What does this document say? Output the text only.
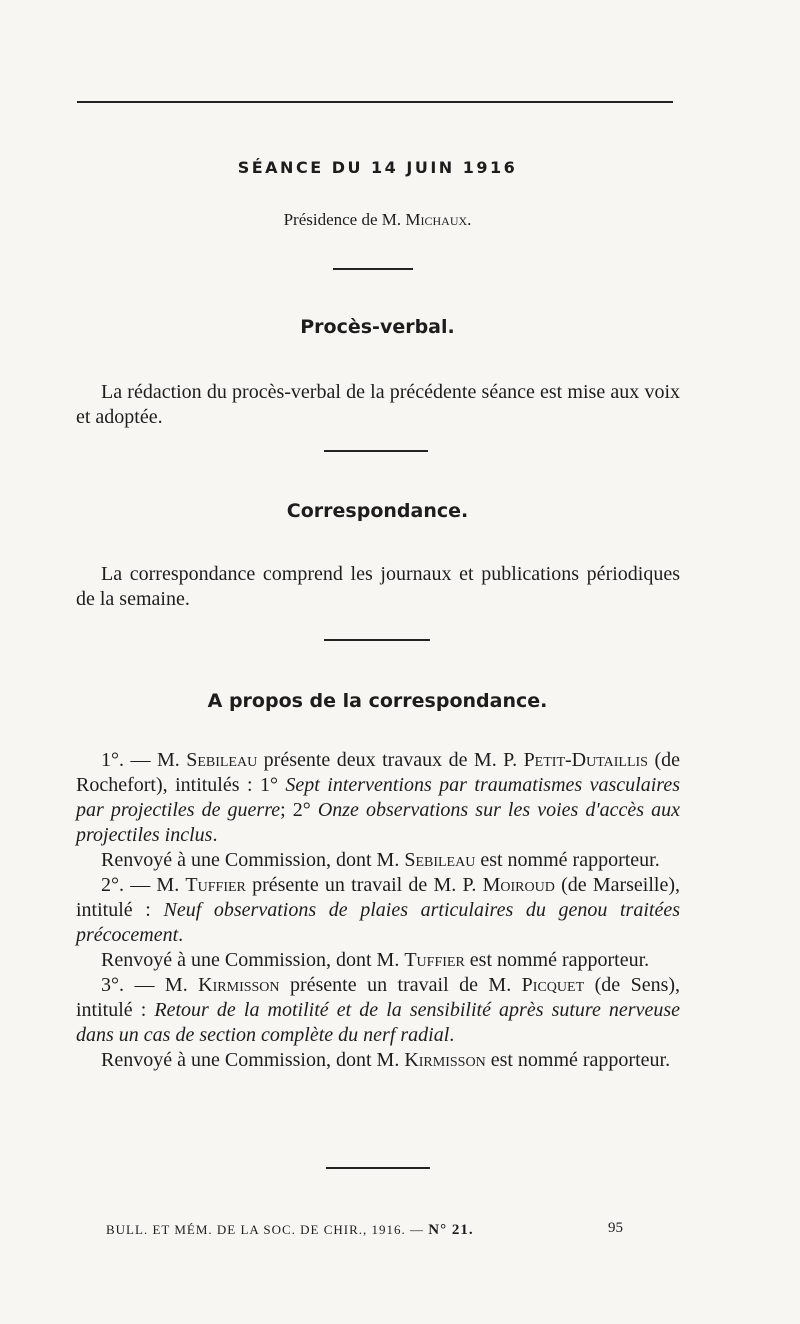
SÉANCE DU 14 JUIN 1916
Présidence de M. Michaux.
Procès-verbal.

La rédaction du procès-verbal de la précédente séance est mise aux voix et adoptée.

Correspondance.

La correspondance comprend les journaux et publications périodiques de la semaine.

A propos de la correspondance.

1°. — M. Sebileau présente deux travaux de M. P. Petit-Dutaillis (de Rochefort), intitulés : 1° Sept interventions par traumatismes vasculaires par projectiles de guerre; 2° Onze observations sur les voies d'accès aux projectiles inclus.

Renvoyé à une Commission, dont M. Sebileau est nommé rapporteur.

2°. — M. Tuffier présente un travail de M. P. Moiroud (de Marseille), intitulé : Neuf observations de plaies articulaires du genou traitées précocement.

Renvoyé à une Commission, dont M. Tuffier est nommé rapporteur.

3°. — M. Kirmisson présente un travail de M. Picquet (de Sens), intitulé : Retour de la motilité et de la sensibilité après suture nerveuse dans un cas de section complète du nerf radial.

Renvoyé à une Commission, dont M. Kirmisson est nommé rapporteur.

BULL. ET MÉM. DE LA SOC. DE CHIR., 1916. — N° 21.	95
